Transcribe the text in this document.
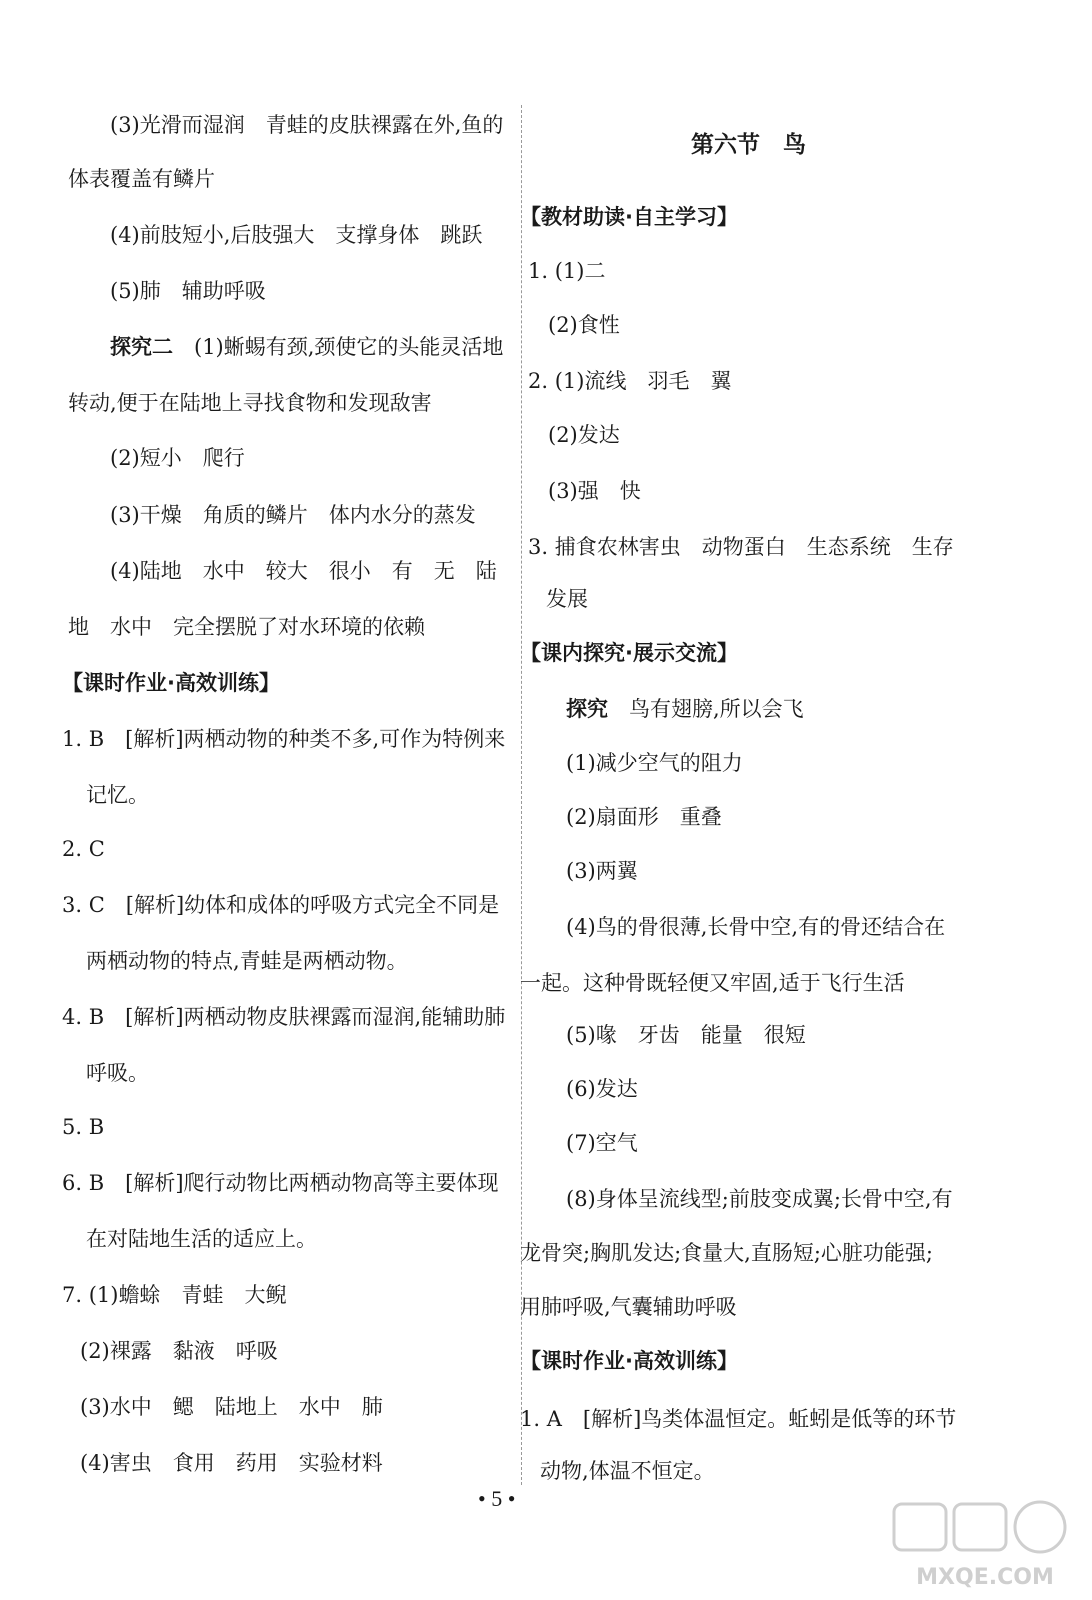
(3)光滑而湿润　青蛙的皮肤裸露在外,鱼的
体表覆盖有鳞片
(4)前肢短小,后肢强大　支撑身体　跳跃
(5)肺　辅助呼吸
探究二　(1)蜥蜴有颈,颈使它的头能灵活地
转动,便于在陆地上寻找食物和发现敌害
(2)短小　爬行
(3)干燥　角质的鳞片　体内水分的蒸发
(4)陆地　水中　较大　很小　有　无　陆
地　水中　完全摆脱了对水环境的依赖
【课时作业·高效训练】
1. B　[解析]两栖动物的种类不多,可作为特例来
记忆。
2. C
3. C　[解析]幼体和成体的呼吸方式完全不同是
两栖动物的特点,青蛙是两栖动物。
4. B　[解析]两栖动物皮肤裸露而湿润,能辅助肺
呼吸。
5. B
6. B　[解析]爬行动物比两栖动物高等主要体现
在对陆地生活的适应上。
7. (1)蟾蜍　青蛙　大鲵
(2)裸露　黏液　呼吸
(3)水中　鳃　陆地上　水中　肺
(4)害虫　食用　药用　实验材料
第六节　鸟
【教材助读·自主学习】
1. (1)二
(2)食性
2. (1)流线　羽毛　翼
(2)发达
(3)强　快
3. 捕食农林害虫　动物蛋白　生态系统　生存
发展
【课内探究·展示交流】
探究　鸟有翅膀,所以会飞
(1)减少空气的阻力
(2)扇面形　重叠
(3)两翼
(4)鸟的骨很薄,长骨中空,有的骨还结合在
一起。这种骨既轻便又牢固,适于飞行生活
(5)喙　牙齿　能量　很短
(6)发达
(7)空气
(8)身体呈流线型;前肢变成翼;长骨中空,有
龙骨突;胸肌发达;食量大,直肠短;心脏功能强;
用肺呼吸,气囊辅助呼吸
【课时作业·高效训练】
1. A　[解析]鸟类体温恒定。蚯蚓是低等的环节
动物,体温不恒定。
• 5 •
MXQE.COM
